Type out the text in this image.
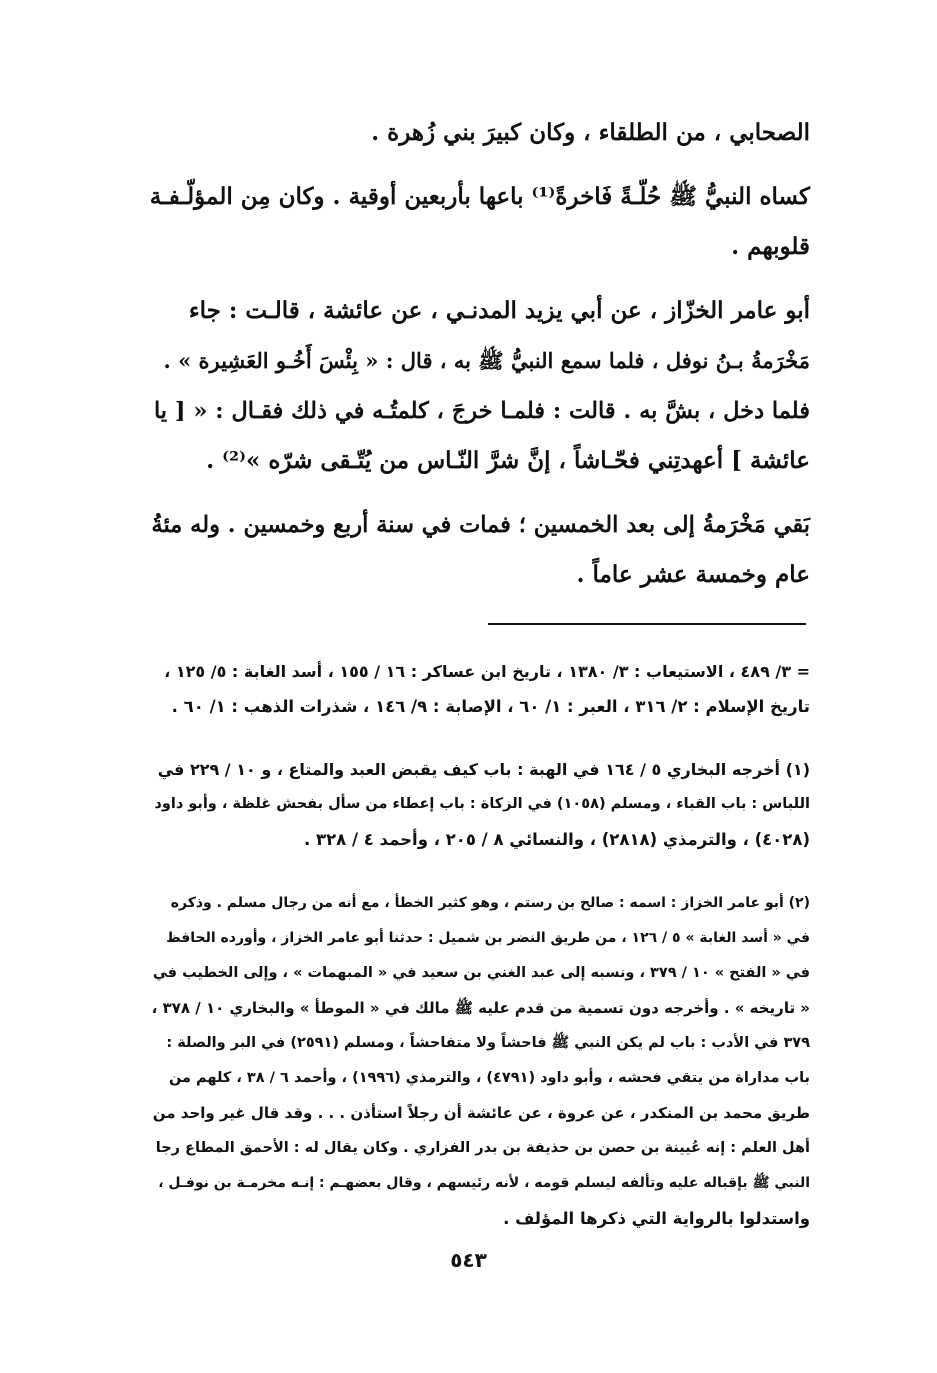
الصحابي ، من الطلقاء ، وكان كبيرَ بني زُهرة .

كساه النبيُّ ﷺ حُلّـةً فَاخرةً⁽¹⁾ باعها بأربعين أوقية . وكان مِن المؤلّـفـة
قلوبهم .

أبو عامر الخزّاز ، عن أبي يزيد المدنـي ، عن عائشة ، قالـت : جاء
مَخْرَمةُ بـنُ نوفل ، فلما سمع النبيُّ ﷺ به ، قال : « بِئْسَ أَخُـو العَشِيرة » .
فلما دخل ، بشَّ به . قالت : فلمـا خرجَ ، كلمتُـه في ذلك فقـال : « [ يا
عائشة ] أعهدتِني فحّـاشاً ، إنَّ شرَّ النّـاس من يُتّـقى شرّه »⁽²⁾ .

بَقي مَخْرَمةُ إلى بعد الخمسين ؛ فمات في سنة أربع وخمسين . وله مئةُ
عام وخمسة عشر عاماً .

= ٣/ ٤٨٩ ، الاستيعاب : ٣/ ١٣٨٠ ، تاريخ ابن عساكر : ١٦ / ١٥٥ ، أسد الغابة : ٥/ ١٢٥ ،
تاريخ الإسلام : ٢/ ٣١٦ ، العبر : ١/ ٦٠ ، الإصابة : ٩/ ١٤٦ ، شذرات الذهب : ١/ ٦٠ .

(١) أخرجه البخاري ٥ / ١٦٤ في الهبة : باب كيف يقبض العبد والمتاع ، و ١٠ / ٢٢٩ في
اللباس : باب القباء ، ومسلم (١٠٥٨) في الزكاة : باب إعطاء من سأل بفحش غلظة ، وأبو داود
(٤٠٢٨) ، والترمذي (٢٨١٨) ، والنسائي ٨ / ٢٠٥ ، وأحمد ٤ / ٣٢٨ .

(٢) أبو عامر الخزاز : اسمه : صالح بن رستم ، وهو كثير الخطأ ، مع أنه من رجال مسلم . وذكره
في « أسد الغابة » ٥ / ١٢٦ ، من طريق النضر بن شميل : حدثنا أبو عامر الخزاز ، وأورده الحافظ
في « الفتح » ١٠ / ٣٧٩ ، ونسبه إلى عبد الغني بن سعيد في « المبهمات » ، وإلى الخطيب في
« تاريخه » . وأخرجه دون تسمية من قدم عليه ﷺ مالك في « الموطأ » والبخاري ١٠ / ٣٧٨ ،
٣٧٩ في الأدب : باب لم يكن النبي ﷺ فاحشاً ولا متفاحشاً ، ومسلم (٢٥٩١) في البر والصلة :
باب مداراة من يتقي فحشه ، وأبو داود (٤٧٩١) ، والترمذي (١٩٩٦) ، وأحمد ٦ / ٣٨ ، كلهم من
طريق محمد بن المنكدر ، عن عروة ، عن عائشة أن رجلاً استأذن . . . وقد قال غير واحد من
أهل العلم : إنه عُيينة بن حصن بن حذيفة بن بدر الفزاري . وكان يقال له : الأحمق المطاع رجا
النبي ﷺ بإقباله عليه وتألفه ليسلم قومه ، لأنه رئيسهم ، وقال بعضهـم : إنـه مخرمـة بن نوفـل ،
واستدلوا بالرواية التي ذكرها المؤلف .

٥٤٣
